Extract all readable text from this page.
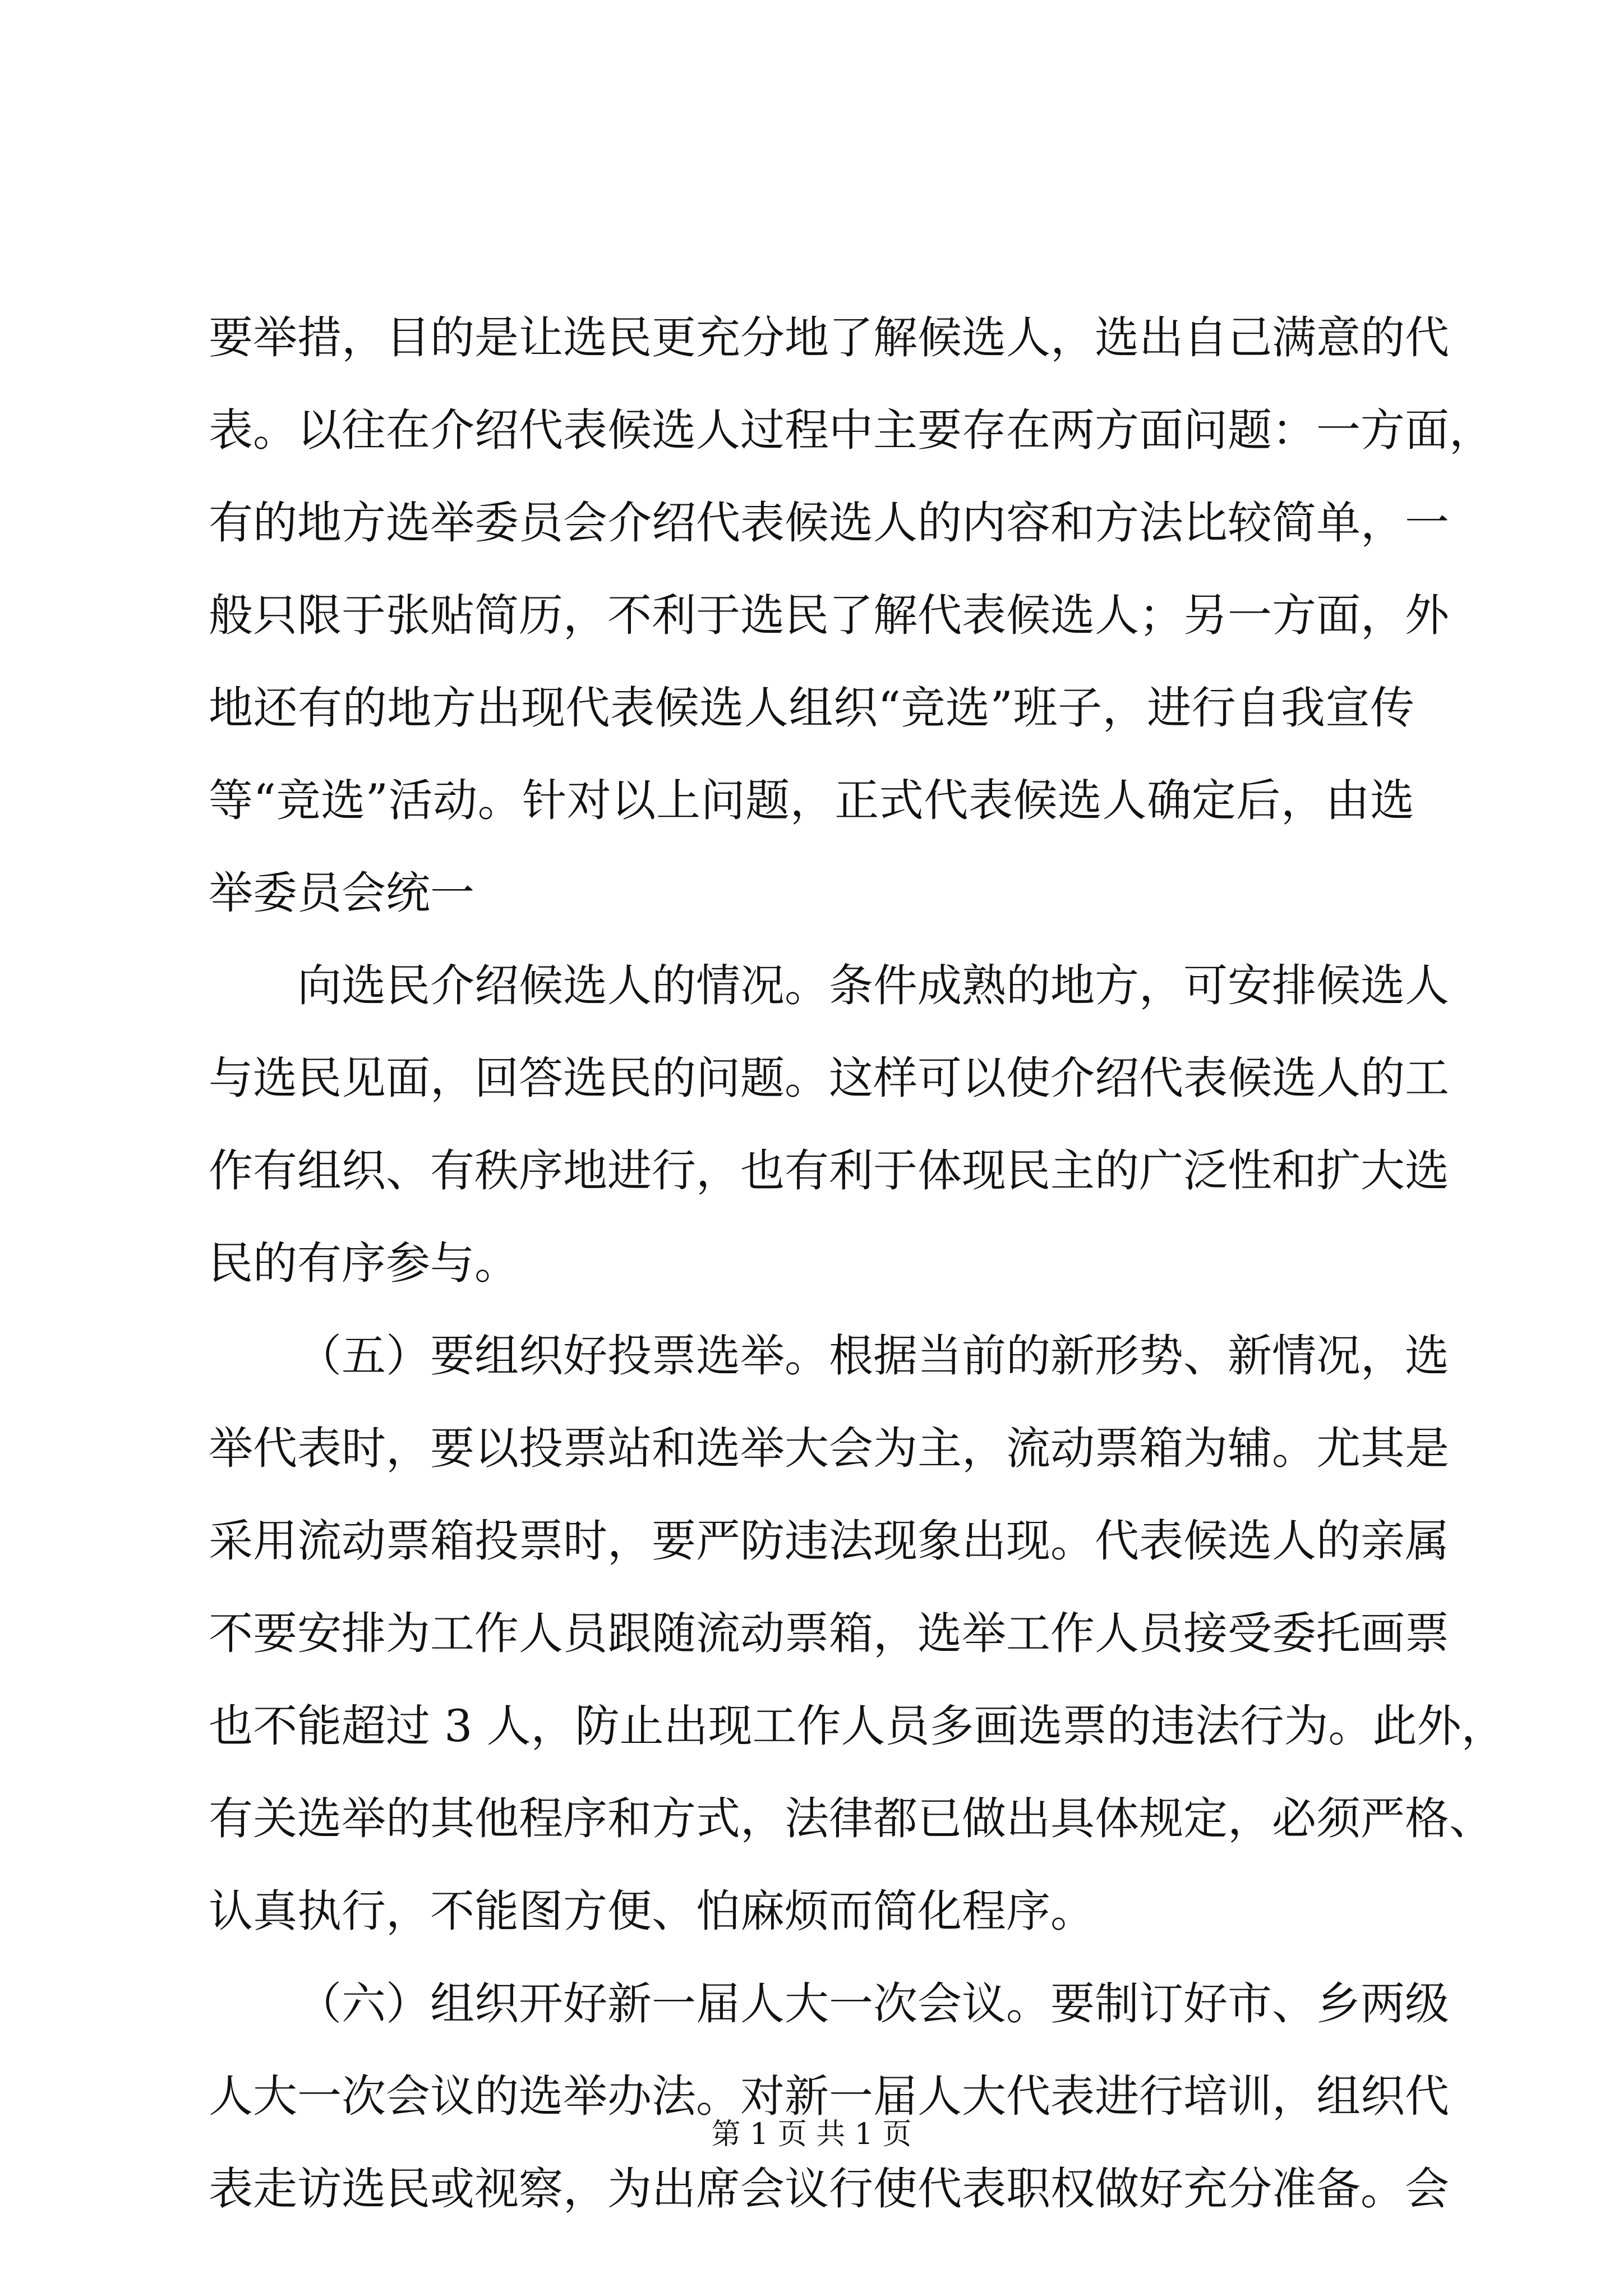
要举措，目的是让选民更充分地了解候选人，选出自己满意的代
表。以往在介绍代表候选人过程中主要存在两方面问题：一方面，
有的地方选举委员会介绍代表候选人的内容和方法比较简单，一
般只限于张贴简历，不利于选民了解代表候选人；另一方面，外
地还有的地方出现代表候选人组织“竞选”班子，进行自我宣传
等“竞选”活动。针对以上问题，正式代表候选人确定后，由选
举委员会统一
向选民介绍候选人的情况。条件成熟的地方，可安排候选人
与选民见面，回答选民的问题。这样可以使介绍代表候选人的工
作有组织、有秩序地进行，也有利于体现民主的广泛性和扩大选
民的有序参与。
（五）要组织好投票选举。根据当前的新形势、新情况，选
举代表时，要以投票站和选举大会为主，流动票箱为辅。尤其是
采用流动票箱投票时，要严防违法现象出现。代表候选人的亲属
不要安排为工作人员跟随流动票箱，选举工作人员接受委托画票
也不能超过 3 人，防止出现工作人员多画选票的违法行为。此外，
有关选举的其他程序和方式，法律都已做出具体规定，必须严格、
认真执行，不能图方便、怕麻烦而简化程序。
（六）组织开好新一届人大一次会议。要制订好市、乡两级
人大一次会议的选举办法。对新一届人大代表进行培训，组织代
表走访选民或视察，为出席会议行使代表职权做好充分准备。会
第 1 页 共 1 页
